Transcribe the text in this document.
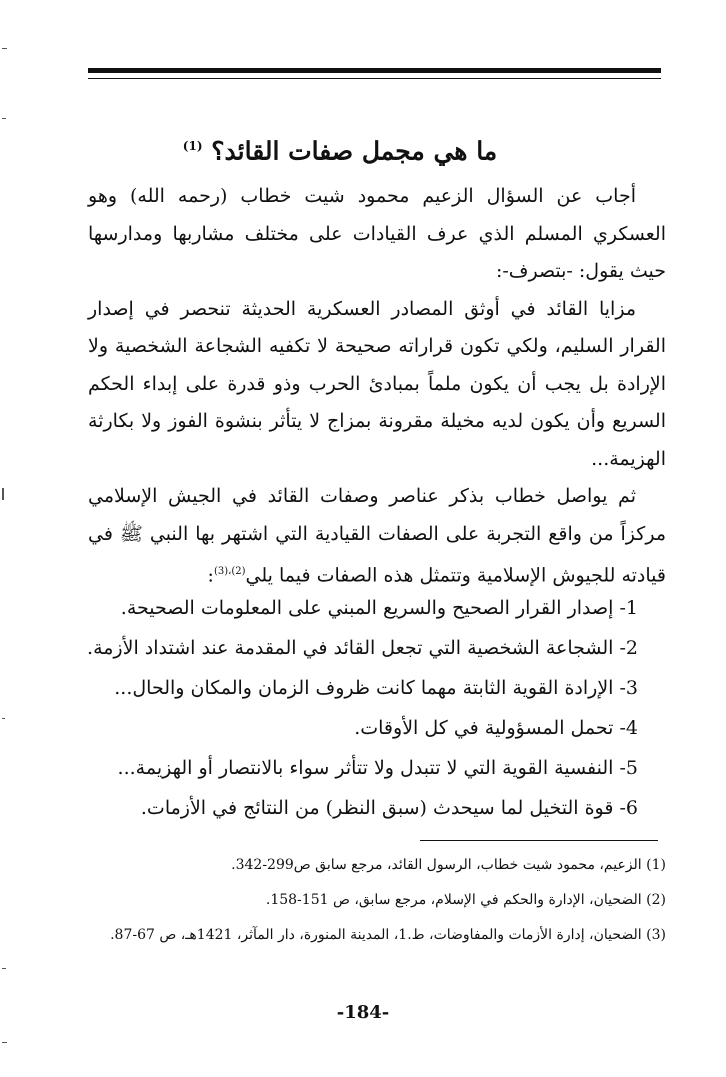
ما هي مجمل صفات القائد؟ $^{(1)}$

أجاب عن السؤال الزعيم محمود شيت خطاب (رحمه الله) وهو العسكري المسلم الذي عرف القيادات على مختلف مشاربها ومدارسها حيث يقول: -بتصرف-:

مزايا القائد في أوثق المصادر العسكرية الحديثة تنحصر في إصدار القرار السليم، ولكي تكون قراراته صحيحة لا تكفيه الشجاعة الشخصية ولا الإرادة بل يجب أن يكون ملماً بمبادئ الحرب وذو قدرة على إبداء الحكم السريع وأن يكون لديه مخيلة مقرونة بمزاج لا يتأثر بنشوة الفوز ولا بكارثة الهزيمة...

ثم يواصل خطاب بذكر عناصر وصفات القائد في الجيش الإسلامي مركزاً من واقع التجربة على الصفات القيادية التي اشتهر بها النبي ﷺ في قيادته للجيوش الإسلامية وتتمثل هذه الصفات فيما يلي$^{(2)،(3)}$:

1- إصدار القرار الصحيح والسريع المبني على المعلومات الصحيحة.
2- الشجاعة الشخصية التي تجعل القائد في المقدمة عند اشتداد الأزمة.
3- الإرادة القوية الثابتة مهما كانت ظروف الزمان والمكان والحال...
4- تحمل المسؤولية في كل الأوقات.
5- النفسية القوية التي لا تتبدل ولا تتأثر سواء بالانتصار أو الهزيمة...
6- قوة التخيل لما سيحدث (سبق النظر) من النتائج في الأزمات.
(1) الزعيم، محمود شيت خطاب، الرسول القائد، مرجع سابق ص299-342.
(2) الضحيان، الإدارة والحكم في الإسلام، مرجع سابق، ص 151-158.
(3) الضحيان، إدارة الأزمات والمفاوضات، ط.1، المدينة المنورة، دار المآثر، 1421هـ، ص 67-87.
-184-
